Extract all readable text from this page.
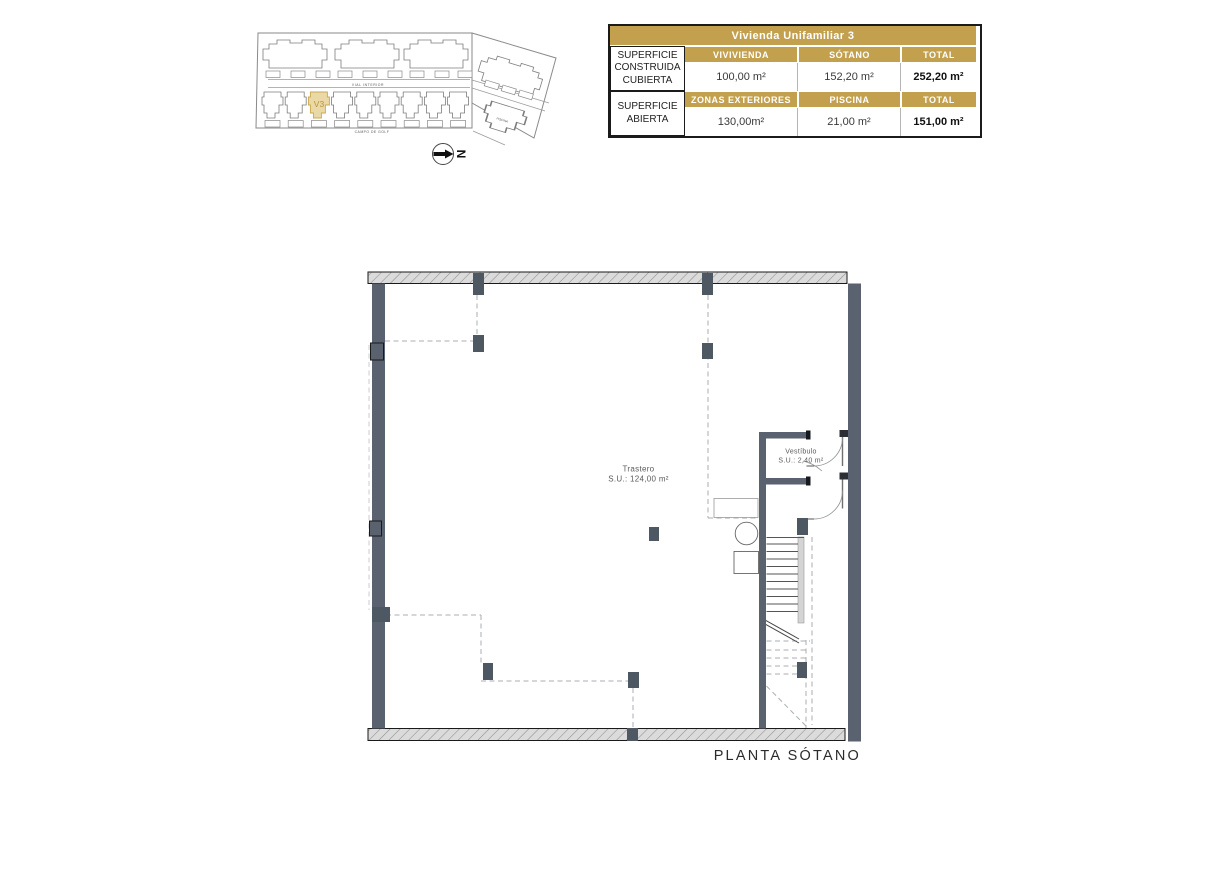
VIAL INTERIOR
V3
CAMPO DE GOLF
PISCINA
N
Vivienda Unifamiliar 3
SUPERFICIE CONSTRUIDA CUBIERTA
VIVIVIENDA	SÓTANO	TOTAL
100,00 m²	152,20 m²	252,20 m²
SUPERFICIE ABIERTA
ZONAS EXTERIORES	PISCINA	TOTAL
130,00m²	21,00 m²	151,00 m²
Trastero
S.U.: 124,00 m²
Vestíbulo
S.U.: 2,40 m²
PLANTA SÓTANO
